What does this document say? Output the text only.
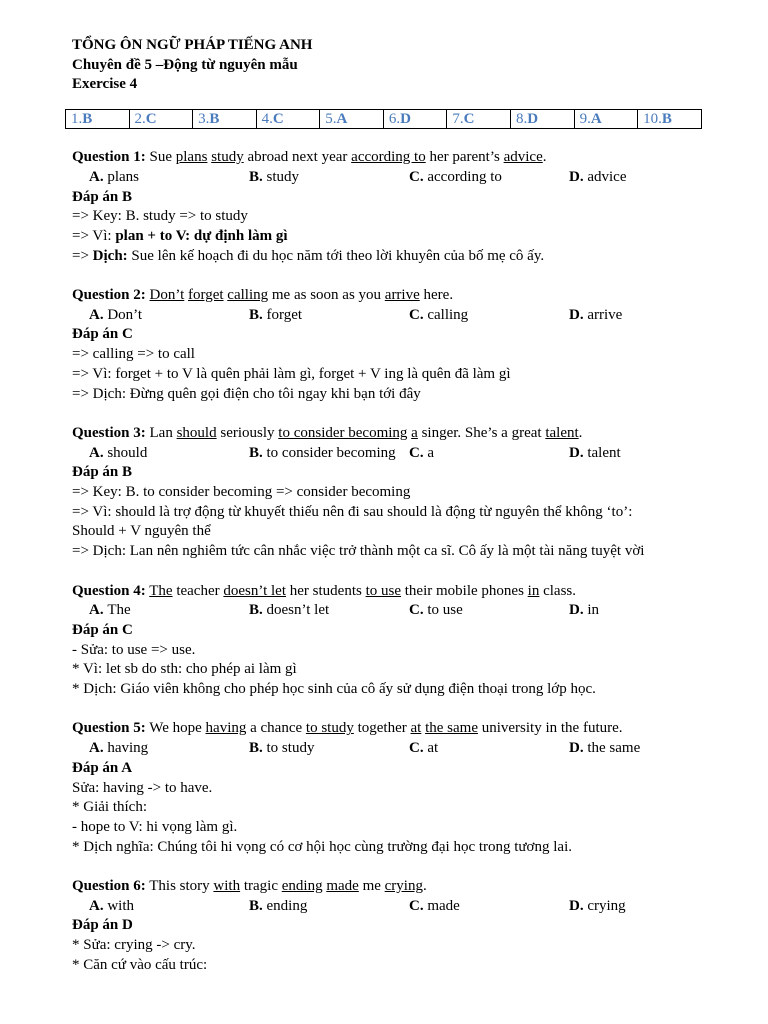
TỔNG ÔN NGỮ PHÁP TIẾNG ANH
Chuyên đề 5 –Động từ nguyên mẫu
Exercise 4
1.B	2.C	3.B	4.C	5.A	6.D	7.C	8.D	9.A	10.B
Question 1: Sue plans study abroad next year according to her parent’s advice.
A. plans	B. study	C. according to	D. advice
Đáp án B
=> Key: B. study => to study
=> Vì: plan + to V: dự định làm gì
=> Dịch: Sue lên kế hoạch đi du học năm tới theo lời khuyên của bố mẹ cô ấy.
Question 2: Don’t forget calling me as soon as you arrive here.
A. Don’t	B. forget	C. calling	D. arrive
Đáp án C
=> calling => to call
=> Vì: forget + to V là quên phải làm gì, forget + V ing là quên đã làm gì
=> Dịch: Đừng quên gọi điện cho tôi ngay khi bạn tới đây
Question 3: Lan should seriously to consider becoming a singer. She’s a great talent.
A. should	B. to consider becoming C. a	D. talent
Đáp án B
=> Key: B. to consider becoming => consider becoming
=> Vì: should là trợ động từ khuyết thiếu nên đi sau should là động từ nguyên thể không ‘to’:
Should + V nguyên thể
=> Dịch: Lan nên nghiêm tức cân nhắc việc trở thành một ca sĩ. Cô ấy là một tài năng tuyệt vời
Question 4: The teacher doesn’t let her students to use their mobile phones in class.
A. The	B. doesn’t let	C. to use	D. in
Đáp án C
- Sửa: to use => use.
* Vì: let sb do sth: cho phép ai làm gì
* Dịch: Giáo viên không cho phép học sinh của cô ấy sử dụng điện thoại trong lớp học.
Question 5: We hope having a chance to study together at the same university in the future.
A. having	B. to study	C. at	D. the same
Đáp án A
Sửa: having -> to have.
* Giải thích:
- hope to V: hi vọng làm gì.
* Dịch nghĩa: Chúng tôi hi vọng có cơ hội học cùng trường đại học trong tương lai.
Question 6: This story with tragic ending made me crying.
A. with	B. ending	C. made	D. crying
Đáp án D
* Sửa: crying -> cry.
* Căn cứ vào cấu trúc:
